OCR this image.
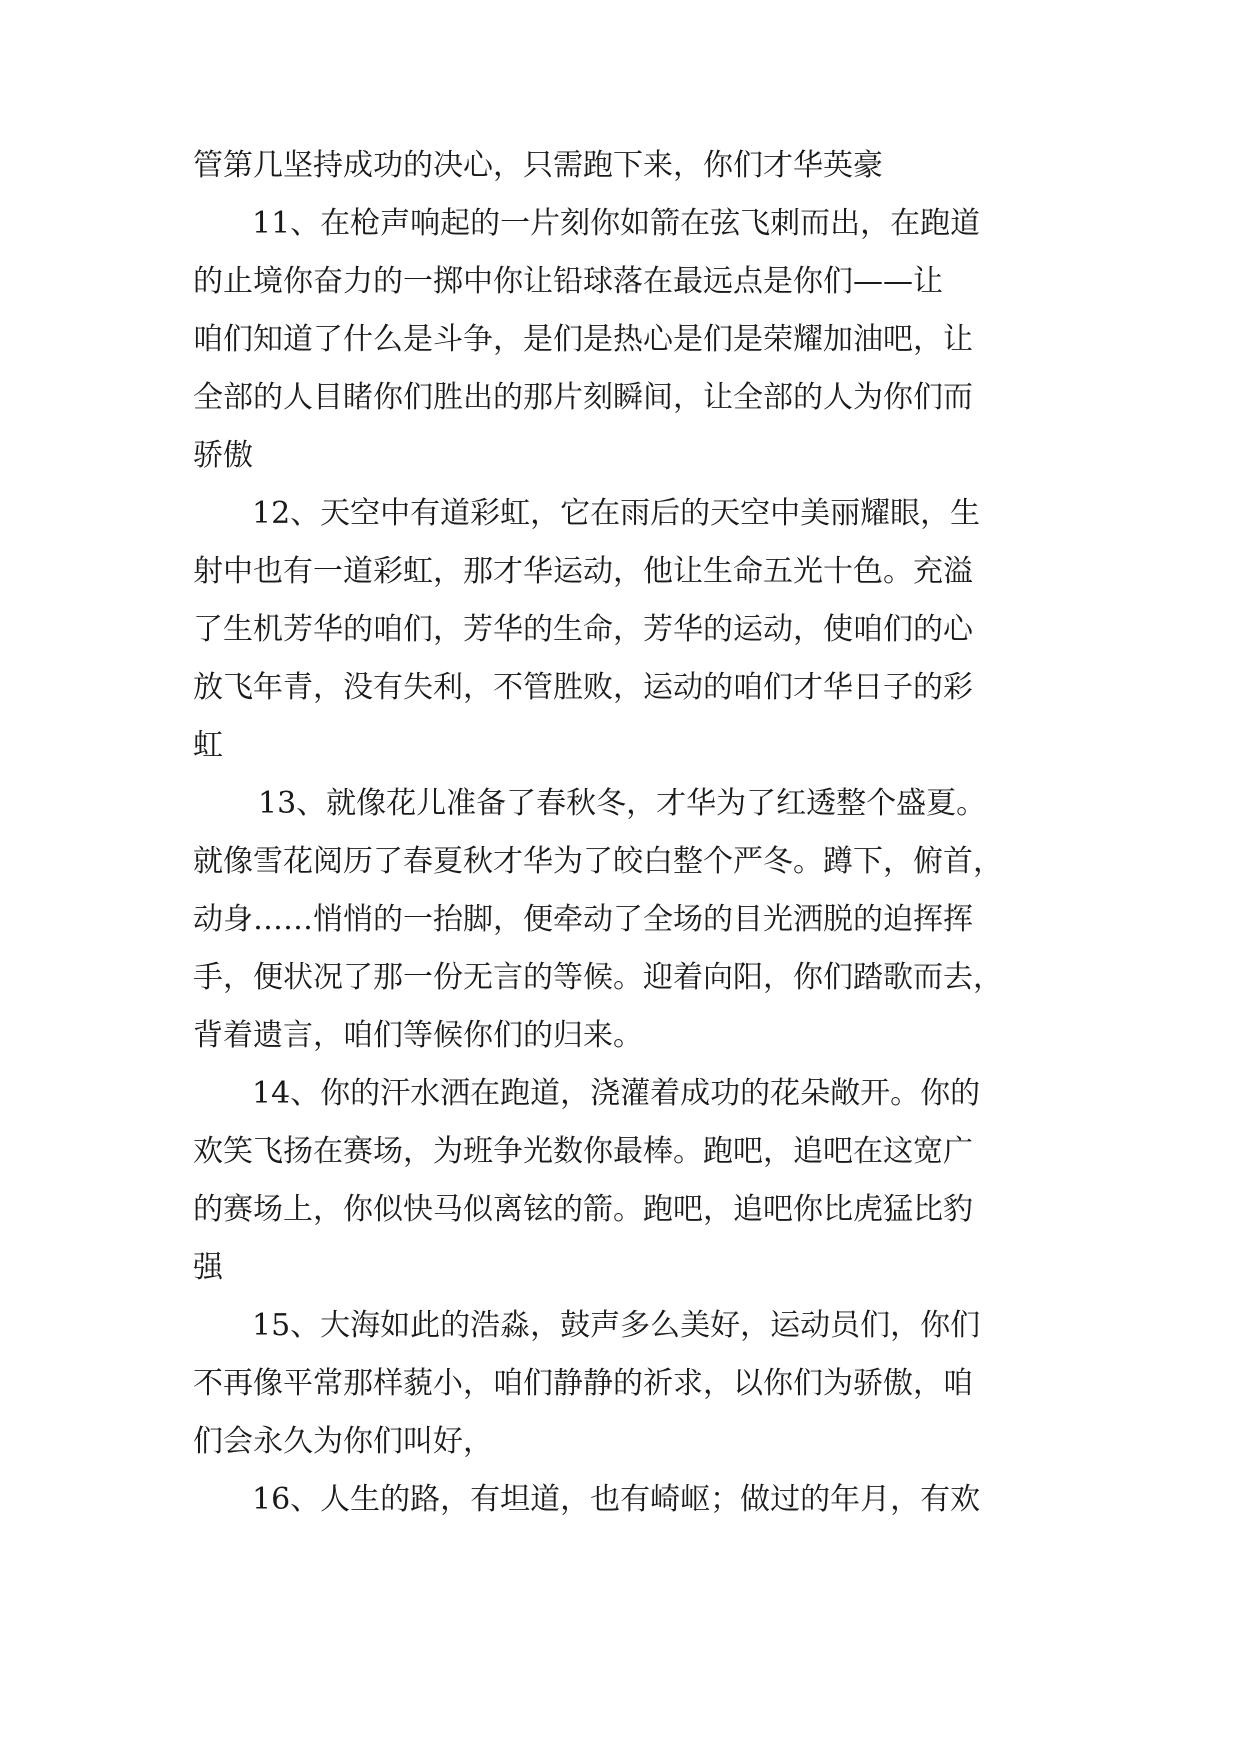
管第几坚持成功的决心，只需跑下来，你们才华英豪
11、在枪声响起的一片刻你如箭在弦飞刺而出，在跑道
的止境你奋力的一掷中你让铅球落在最远点是你们——让
咱们知道了什么是斗争，是们是热心是们是荣耀加油吧，让
全部的人目睹你们胜出的那片刻瞬间，让全部的人为你们而
骄傲
12、天空中有道彩虹，它在雨后的天空中美丽耀眼，生
射中也有一道彩虹，那才华运动，他让生命五光十色。充溢
了生机芳华的咱们，芳华的生命，芳华的运动，使咱们的心
放飞年青，没有失利，不管胜败，运动的咱们才华日子的彩
虹
13、就像花儿准备了春秋冬，才华为了红透整个盛夏。
就像雪花阅历了春夏秋才华为了皎白整个严冬。蹲下，俯首，
动身……悄悄的一抬脚，便牵动了全场的目光洒脱的迫挥挥
手，便状况了那一份无言的等候。迎着向阳，你们踏歌而去，
背着遗言，咱们等候你们的归来。
14、你的汗水洒在跑道，浇灌着成功的花朵敞开。你的
欢笑飞扬在赛场，为班争光数你最棒。跑吧，追吧在这宽广
的赛场上，你似快马似离铉的箭。跑吧，追吧你比虎猛比豹
强
15、大海如此的浩淼，鼓声多么美好，运动员们，你们
不再像平常那样藐小，咱们静静的祈求，以你们为骄傲，咱
们会永久为你们叫好，
16、人生的路，有坦道，也有崎岖；做过的年月，有欢
